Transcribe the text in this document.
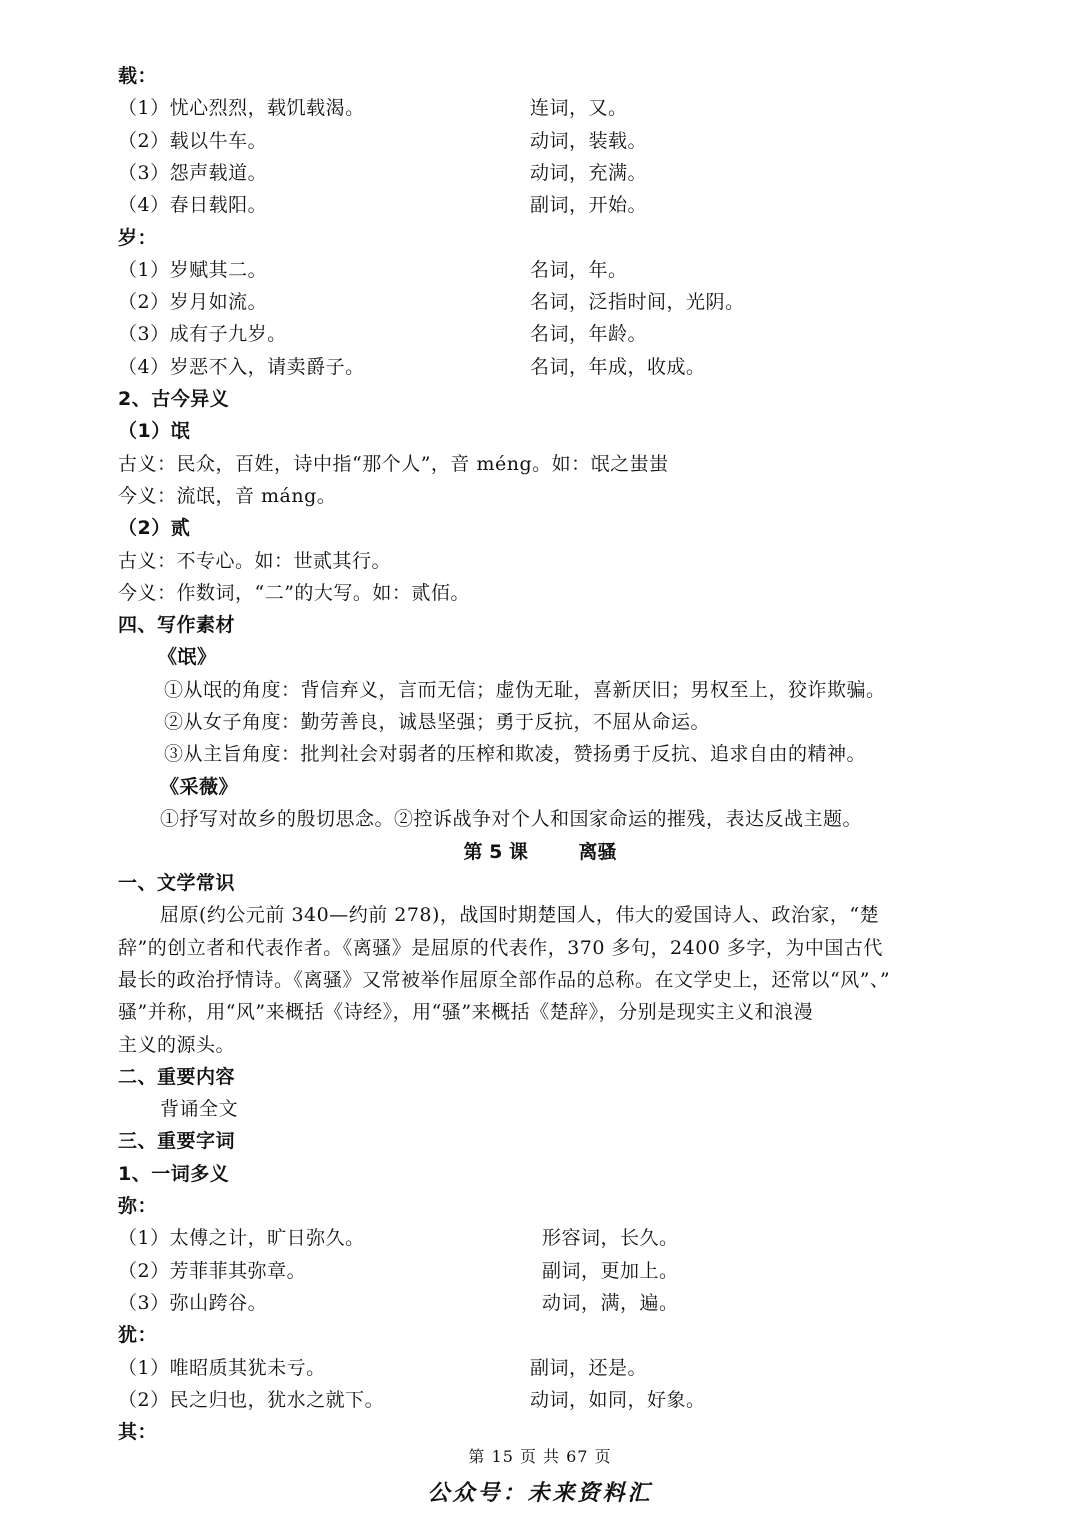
载：
（1）忧心烈烈，载饥载渴。	连词，又。
（2）载以牛车。	动词，装载。
（3）怨声载道。	动词，充满。
（4）春日载阳。	副词，开始。
岁：
（1）岁赋其二。	名词，年。
（2）岁月如流。	名词，泛指时间，光阴。
（3）成有子九岁。	名词，年龄。
（4）岁恶不入，请卖爵子。	名词，年成，收成。
2、古今异义
（1）氓
古义：民众，百姓，诗中指“那个人”，音 méng。如：氓之蚩蚩
今义：流氓，音 máng。
（2）贰
古义：不专心。如：世贰其行。
今义：作数词，“二”的大写。如：贰佰。
四、写作素材
《氓》
①从氓的角度：背信弃义，言而无信；虚伪无耻，喜新厌旧；男权至上，狡诈欺骗。
②从女子角度：勤劳善良，诚恳坚强；勇于反抗，不屈从命运。
③从主旨角度：批判社会对弱者的压榨和欺凌，赞扬勇于反抗、追求自由的精神。
《采薇》
①抒写对故乡的殷切思念。②控诉战争对个人和国家命运的摧残，表达反战主题。
第 5 课	离骚
一、文学常识
屈原(约公元前 340—约前 278)，战国时期楚国人，伟大的爱国诗人、政治家，“楚
辞”的创立者和代表作者。《离骚》是屈原的代表作，370 多句，2400 多字，为中国古代
最长的政治抒情诗。《离骚》又常被举作屈原全部作品的总称。在文学史上，还常以“风”、”
骚”并称，用“风”来概括《诗经》，用“骚”来概括《楚辞》，分别是现实主义和浪漫
主义的源头。
二、重要内容
背诵全文
三、重要字词
1、一词多义
弥：
（1）太傅之计，旷日弥久。	形容词，长久。
（2）芳菲菲其弥章。	副词，更加上。
（3）弥山跨谷。	动词，满，遍。
犹：
（1）唯昭质其犹未亏。	副词，还是。
（2）民之归也，犹水之就下。	动词，如同，好象。
其：
第 15 页 共 67 页
公众号：未来资料汇
